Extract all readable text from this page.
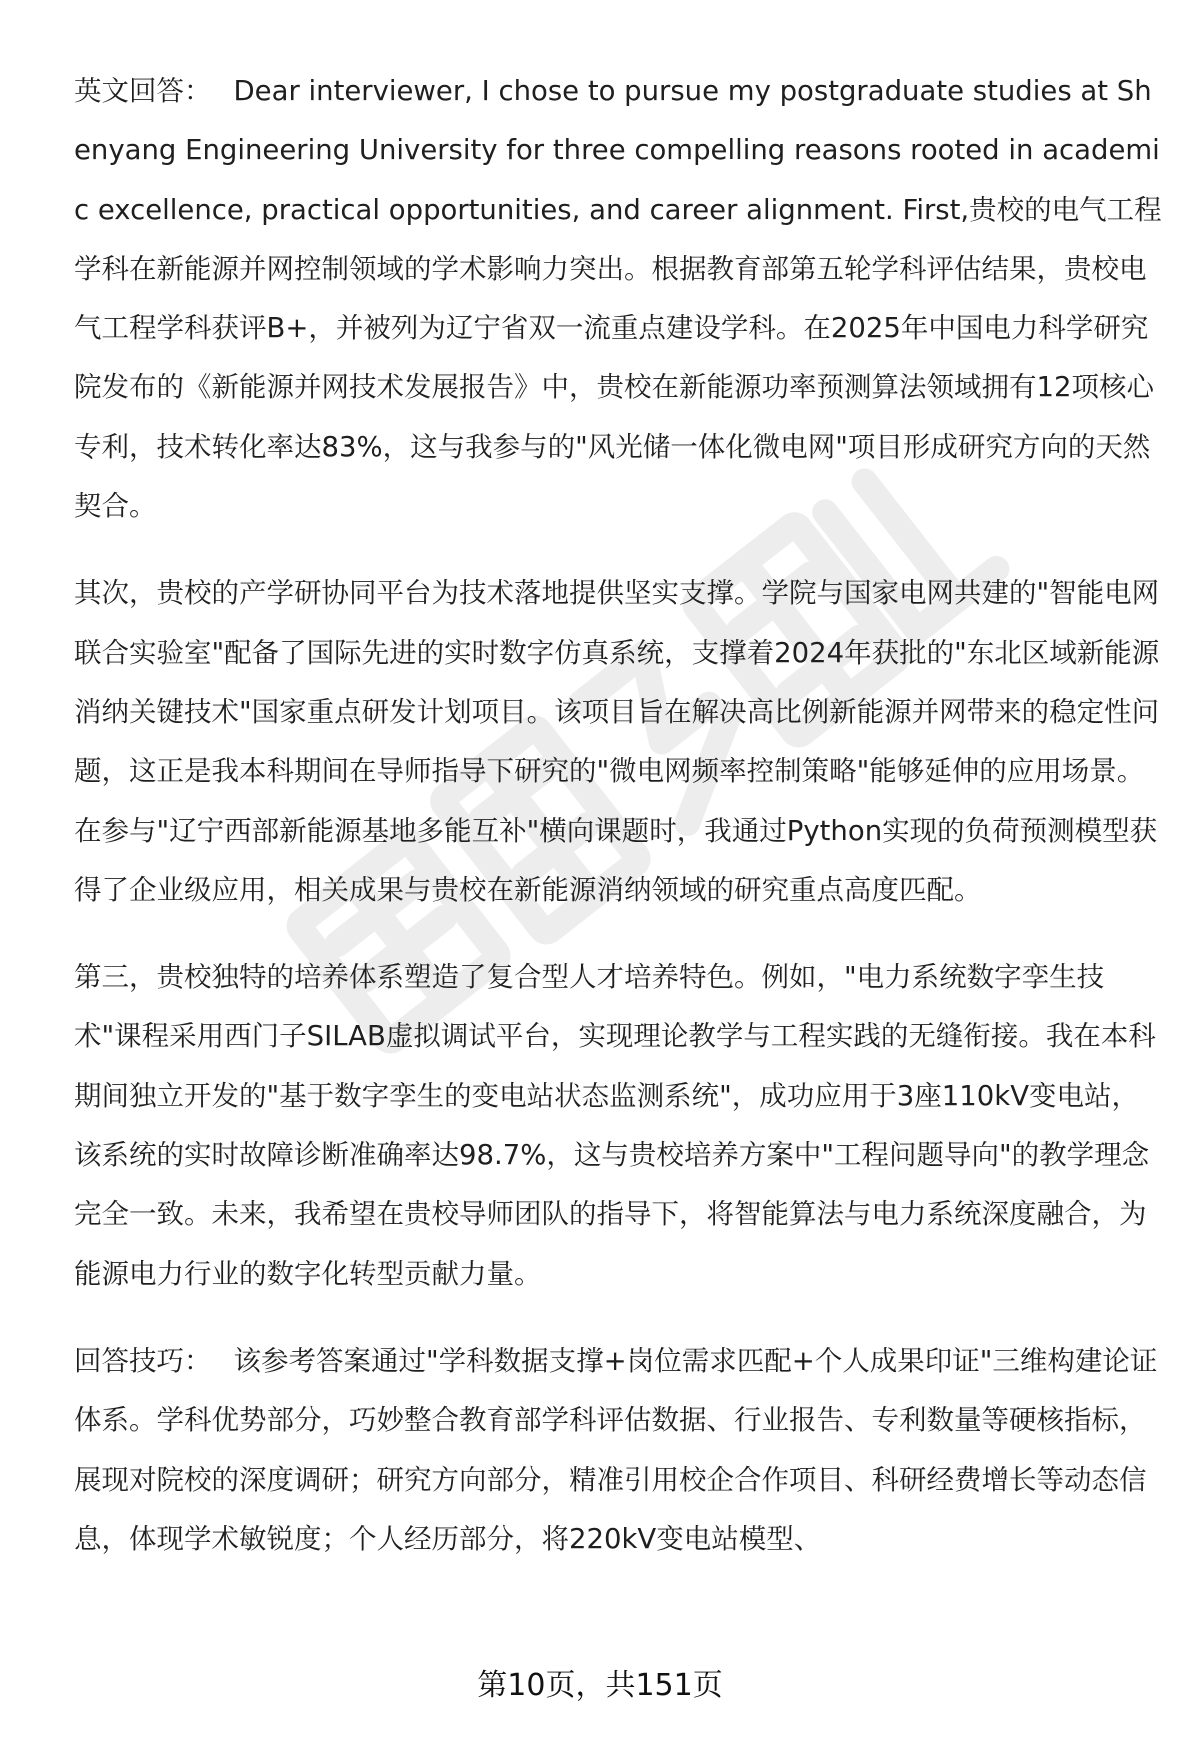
英文回答： Dear interviewer, I chose to pursue my postgraduate studies at Shenyang Engineering University for three compelling reasons rooted in academic excellence, practical opportunities, and career alignment. First,贵校的电气工程学科在新能源并网控制领域的学术影响力突出。根据教育部第五轮学科评估结果，贵校电气工程学科获评B+，并被列为辽宁省双一流重点建设学科。在2025年中国电力科学研究院发布的《新能源并网技术发展报告》中，贵校在新能源功率预测算法领域拥有12项核心专利，技术转化率达83%，这与我参与的"风光储一体化微电网"项目形成研究方向的天然契合。

其次，贵校的产学研协同平台为技术落地提供坚实支撑。学院与国家电网共建的"智能电网联合实验室"配备了国际先进的实时数字仿真系统，支撑着2024年获批的"东北区域新能源消纳关键技术"国家重点研发计划项目。该项目旨在解决高比例新能源并网带来的稳定性问题，这正是我本科期间在导师指导下研究的"微电网频率控制策略"能够延伸的应用场景。在参与"辽宁西部新能源基地多能互补"横向课题时，我通过Python实现的负荷预测模型获得了企业级应用，相关成果与贵校在新能源消纳领域的研究重点高度匹配。

第三，贵校独特的培养体系塑造了复合型人才培养特色。例如，"电力系统数字孪生技术"课程采用西门子SILAB虚拟调试平台，实现理论教学与工程实践的无缝衔接。我在本科期间独立开发的"基于数字孪生的变电站状态监测系统"，成功应用于3座110kV变电站，该系统的实时故障诊断准确率达98.7%，这与贵校培养方案中"工程问题导向"的教学理念完全一致。未来，我希望在贵校导师团队的指导下，将智能算法与电力系统深度融合，为能源电力行业的数字化转型贡献力量。

回答技巧： 该参考答案通过"学科数据支撑+岗位需求匹配+个人成果印证"三维构建论证体系。学科优势部分，巧妙整合教育部学科评估数据、行业报告、专利数量等硬核指标，展现对院校的深度调研；研究方向部分，精准引用校企合作项目、科研经费增长等动态信息，体现学术敏锐度；个人经历部分，将220kV变电站模型、

第10页，共151页
